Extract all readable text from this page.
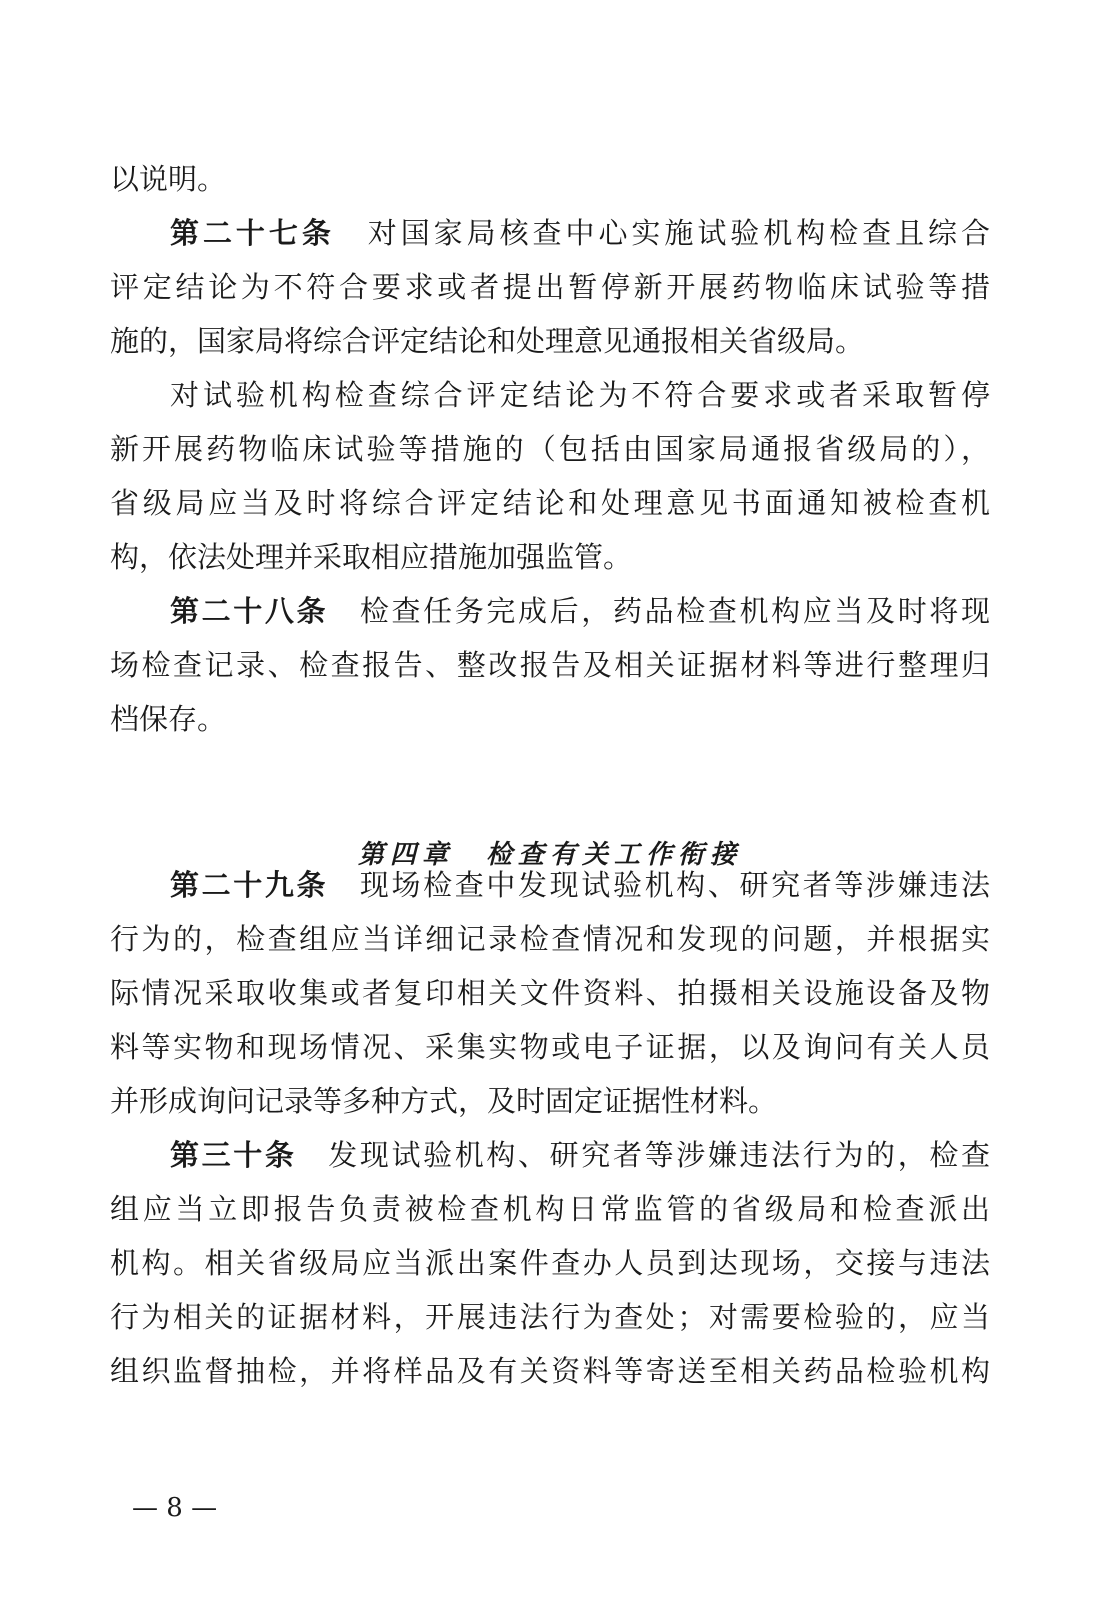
以说明。
第二十七条　 对国家局核查中心实施试验机构检查且综合
评定结论为不符合要求或者提出暂停新开展药物临床试验等措
施的，国家局将综合评定结论和处理意见通报相关省级局。
对试验机构检查综合评定结论为不符合要求或者采取暂停
新开展药物临床试验等措施的（包括由国家局通报省级局的），
省级局应当及时将综合评定结论和处理意见书面通知被检查机
构，依法处理并采取相应措施加强监管。
第二十八条　 检查任务完成后，药品检查机构应当及时将现
场检查记录、检查报告、整改报告及相关证据材料等进行整理归
档保存。
第四章　检查有关工作衔接
第二十九条　 现场检查中发现试验机构、研究者等涉嫌违法
行为的，检查组应当详细记录检查情况和发现的问题，并根据实
际情况采取收集或者复印相关文件资料、拍摄相关设施设备及物
料等实物和现场情况、采集实物或电子证据，以及询问有关人员
并形成询问记录等多种方式，及时固定证据性材料。
第三十条　 发现试验机构、研究者等涉嫌违法行为的，检查
组应当立即报告负责被检查机构日常监管的省级局和检查派出
机构。相关省级局应当派出案件查办人员到达现场，交接与违法
行为相关的证据材料，开展违法行为查处；对需要检验的，应当
组织监督抽检，并将样品及有关资料等寄送至相关药品检验机构
— 8 —
